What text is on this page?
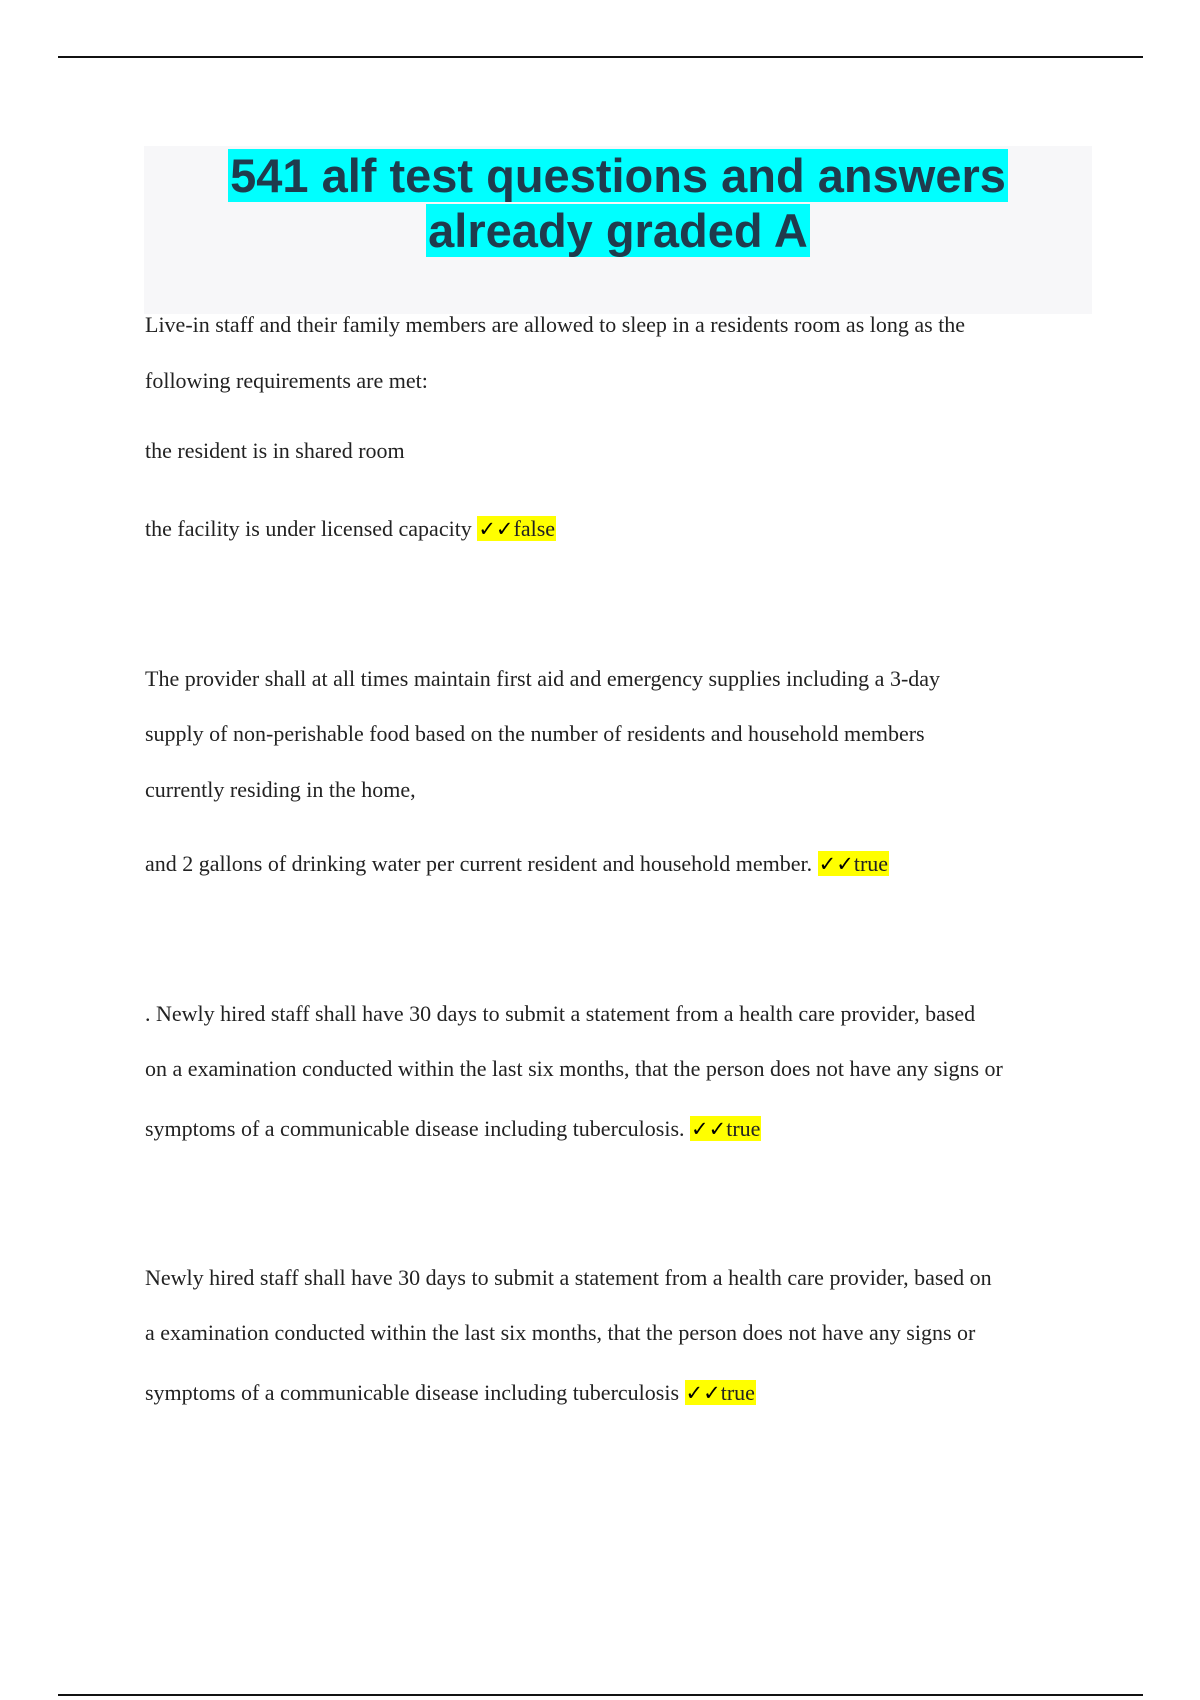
541 alf test questions and answers
already graded A
Live-in staff and their family members are allowed to sleep in a residents room as long as the
following requirements are met:
the resident is in shared room
the facility is under licensed capacity ✓✓false
The provider shall at all times maintain first aid and emergency supplies including a 3-day
supply of non-perishable food based on the number of residents and household members
currently residing in the home,
and 2 gallons of drinking water per current resident and household member. ✓✓true
. Newly hired staff shall have 30 days to submit a statement from a health care provider, based
on a examination conducted within the last six months, that the person does not have any signs or
symptoms of a communicable disease including tuberculosis. ✓✓true
Newly hired staff shall have 30 days to submit a statement from a health care provider, based on
a examination conducted within the last six months, that the person does not have any signs or
symptoms of a communicable disease including tuberculosis ✓✓true
